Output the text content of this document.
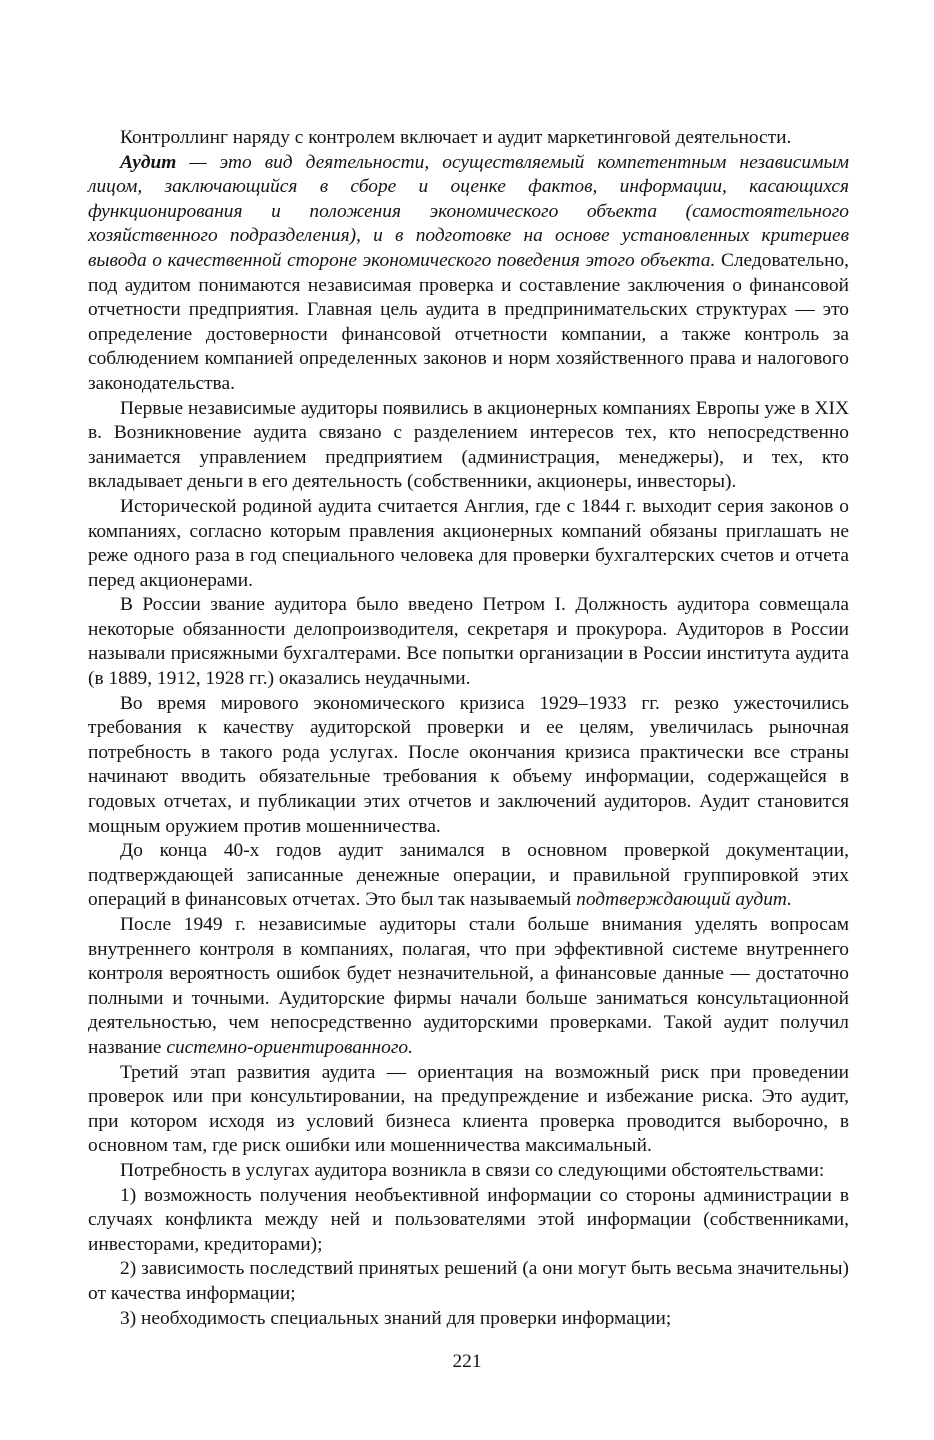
Контроллинг наряду с контролем включает и аудит маркетинговой деятельности.

Аудит — это вид деятельности, осуществляемый компетентным независимым лицом, заключающийся в сборе и оценке фактов, информации, касающихся функционирования и положения экономического объекта (самостоятельного хозяйственного подразделения), и в подготовке на основе установленных критериев вывода о качественной стороне экономического поведения этого объекта. Следовательно, под аудитом понимаются независимая проверка и составление заключения о финансовой отчетности предприятия. Главная цель аудита в предпринимательских структурах — это определение достоверности финансовой отчетности компании, а также контроль за соблюдением компанией определенных законов и норм хозяйственного права и налогового законодательства.

Первые независимые аудиторы появились в акционерных компаниях Европы уже в XIX в. Возникновение аудита связано с разделением интересов тех, кто непосредственно занимается управлением предприятием (администрация, менеджеры), и тех, кто вкладывает деньги в его деятельность (собственники, акционеры, инвесторы).

Исторической родиной аудита считается Англия, где с 1844 г. выходит серия законов о компаниях, согласно которым правления акционерных компаний обязаны приглашать не реже одного раза в год специального человека для проверки бухгалтерских счетов и отчета перед акционерами.

В России звание аудитора было введено Петром I. Должность аудитора совмещала некоторые обязанности делопроизводителя, секретаря и прокурора. Аудиторов в России называли присяжными бухгалтерами. Все попытки организации в России института аудита (в 1889, 1912, 1928 гг.) оказались неудачными.

Во время мирового экономического кризиса 1929–1933 гг. резко ужесточились требования к качеству аудиторской проверки и ее целям, увеличилась рыночная потребность в такого рода услугах. После окончания кризиса практически все страны начинают вводить обязательные требования к объему информации, содержащейся в годовых отчетах, и публикации этих отчетов и заключений аудиторов. Аудит становится мощным оружием против мошенничества.

До конца 40-х годов аудит занимался в основном проверкой документации, подтверждающей записанные денежные операции, и правильной группировкой этих операций в финансовых отчетах. Это был так называемый подтверждающий аудит.

После 1949 г. независимые аудиторы стали больше внимания уделять вопросам внутреннего контроля в компаниях, полагая, что при эффективной системе внутреннего контроля вероятность ошибок будет незначительной, а финансовые данные — достаточно полными и точными. Аудиторские фирмы начали больше заниматься консультационной деятельностью, чем непосредственно аудиторскими проверками. Такой аудит получил название системно-ориентированного.

Третий этап развития аудита — ориентация на возможный риск при проведении проверок или при консультировании, на предупреждение и избежание риска. Это аудит, при котором исходя из условий бизнеса клиента проверка проводится выборочно, в основном там, где риск ошибки или мошенничества максимальный.

Потребность в услугах аудитора возникла в связи со следующими обстоятельствами:

1) возможность получения необъективной информации со стороны администрации в случаях конфликта между ней и пользователями этой информации (собственниками, инвесторами, кредиторами);

2) зависимость последствий принятых решений (а они могут быть весьма значительны) от качества информации;

3) необходимость специальных знаний для проверки информации;

221
